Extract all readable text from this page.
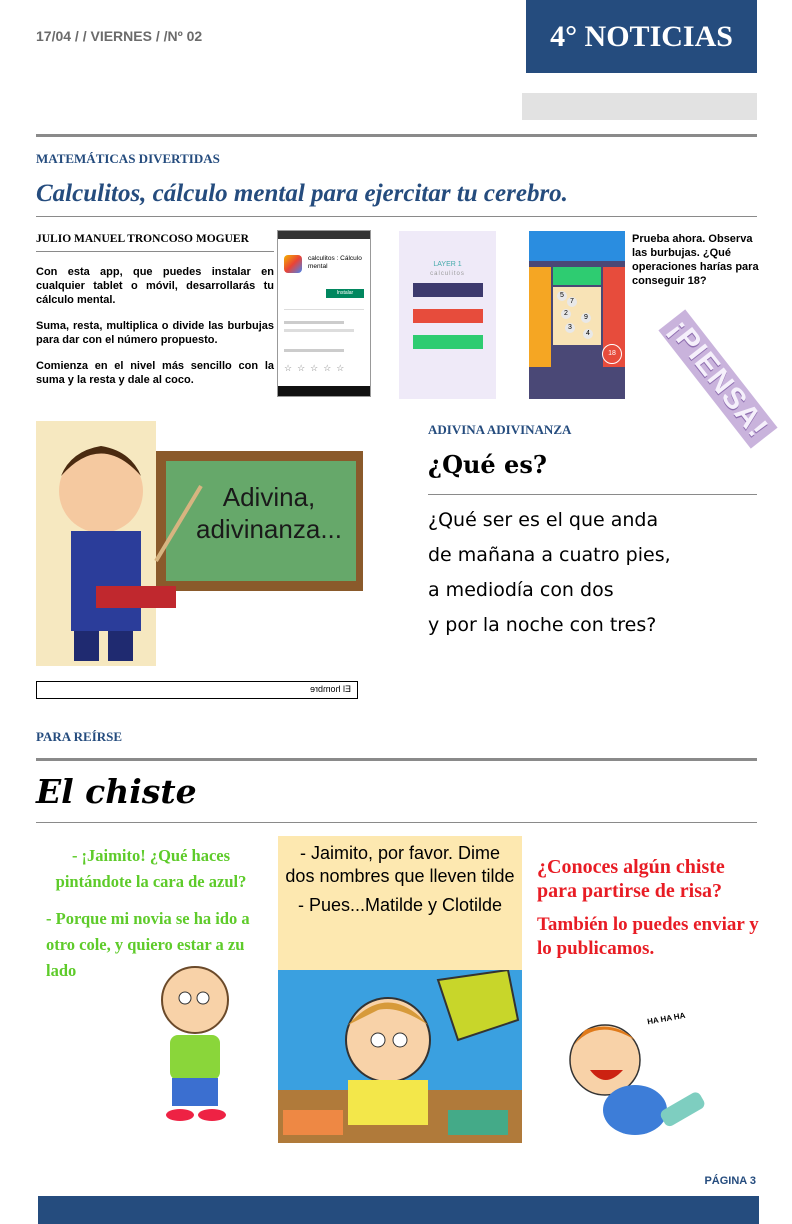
17/04 / / VIERNES / /Nº 02	4° NOTICIAS
MATEMÁTICAS DIVERTIDAS
Calculitos, cálculo mental para ejercitar tu cerebro.
JULIO MANUEL TRONCOSO MOGUER

Con esta app, que puedes instalar en cualquier tablet o móvil, desarrollarás tu cálculo mental.

Suma, resta, multiplica o divide las burbujas para dar con el número propuesto.

Comienza en el nivel más sencillo con la suma y la resta y dale al coco.

calculitos : Cálculo mental
Instalar
☆☆☆☆☆
LAYER 1
calculitos
5
7
2
9
3
4
18
Prueba ahora. Observa las burbujas. ¿Qué operaciones harías para conseguir 18?
¡PIENSA!
Adivina, adivinanza...
El hombre
ADIVINA ADIVINANZA
¿Qué es?
¿Qué ser es el que anda
de mañana a cuatro pies,
a mediodía con dos
y por la noche con tres?
PARA REÍRSE
El chiste
- ¡Jaimito! ¿Qué haces pintándote la cara de azul?
- Porque mi novia se ha ido a otro cole, y quiero estar a zu lado

- Jaimito, por favor. Dime dos nombres que lleven tilde

- Pues...Matilde y Clotilde

¿Conoces algún chiste para partirse de risa?
También lo puedes enviar y lo publicamos.
HA HA HA
PÁGINA 3
